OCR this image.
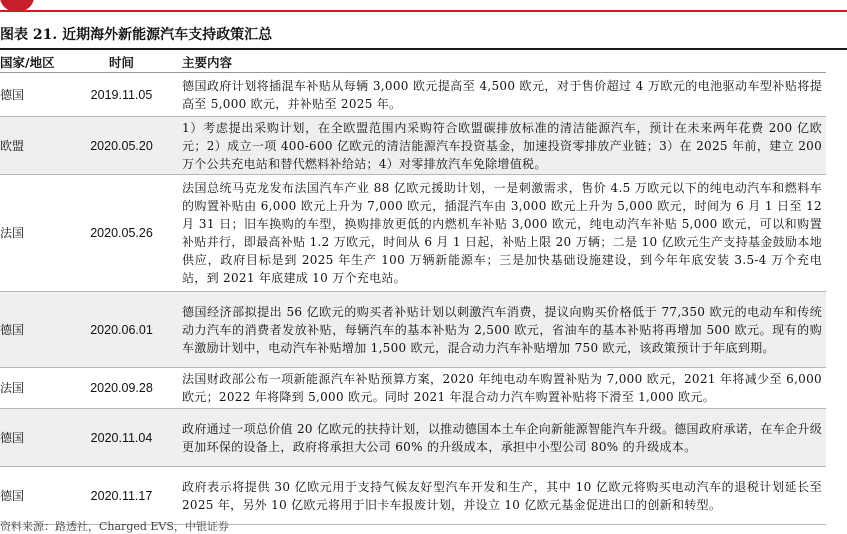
图表 21. 近期海外新能源汽车支持政策汇总
国家/地区	时间	主要内容
德国	2019.11.05	德国政府计划将插混车补贴从每辆 3,000 欧元提高至 4,500 欧元，对于售价超过 4 万欧元的电池驱动车型补贴将提高至 5,000 欧元，并补贴至 2025 年。
欧盟	2020.05.20	1）考虑提出采购计划，在全欧盟范围内采购符合欧盟碳排放标准的清洁能源汽车，预计在未来两年花费 200 亿欧元；2）成立一项 400-600 亿欧元的清洁能源汽车投资基金，加速投资零排放产业链；3）在 2025 年前，建立 200 万个公共充电站和替代燃料补给站；4）对零排放汽车免除增值税。
法国	2020.05.26	法国总统马克龙发布法国汽车产业 88 亿欧元援助计划，一是刺激需求，售价 4.5 万欧元以下的纯电动汽车和燃料车的购置补贴由 6,000 欧元上升为 7,000 欧元，插混汽车由 3,000 欧元上升为 5,000 欧元，时间为 6 月 1 日至 12 月 31 日；旧车换购的车型，换购排放更低的内燃机车补贴 3,000 欧元，纯电动汽车补贴 5,000 欧元，可以和购置补贴并行，即最高补贴 1.2 万欧元，时间从 6 月 1 日起，补贴上限 20 万辆；二是 10 亿欧元生产支持基金鼓励本地供应，政府目标是到 2025 年生产 100 万辆新能源车；三是加快基础设施建设，到今年年底安装 3.5-4 万个充电站，到 2021 年底建成 10 万个充电站。
德国	2020.06.01	德国经济部拟提出 56 亿欧元的购买者补贴计划以刺激汽车消费，提议向购买价格低于 77,350 欧元的电动车和传统动力汽车的消费者发放补贴，每辆汽车的基本补贴为 2,500 欧元，省油车的基本补贴将再增加 500 欧元。现有的购车激励计划中，电动汽车补贴增加 1,500 欧元，混合动力汽车补贴增加 750 欧元，该政策预计于年底到期。
法国	2020.09.28	法国财政部公布一项新能源汽车补贴预算方案，2020 年纯电动车购置补贴为 7,000 欧元，2021 年将减少至 6,000 欧元；2022 年将降到 5,000 欧元。同时 2021 年混合动力汽车购置补贴将下滑至 1,000 欧元。
德国	2020.11.04	政府通过一项总价值 20 亿欧元的扶持计划，以推动德国本土车企向新能源智能汽车升级。德国政府承诺，在车企升级更加环保的设备上，政府将承担大公司 60% 的升级成本，承担中小型公司 80% 的升级成本。
德国	2020.11.17	政府表示将提供 30 亿欧元用于支持气候友好型汽车开发和生产，其中 10 亿欧元将购买电动汽车的退税计划延长至 2025 年，另外 10 亿欧元将用于旧卡车报废计划，并设立 10 亿欧元基金促进出口的创新和转型。
资料来源：路透社，Charged EVS，中银证券
